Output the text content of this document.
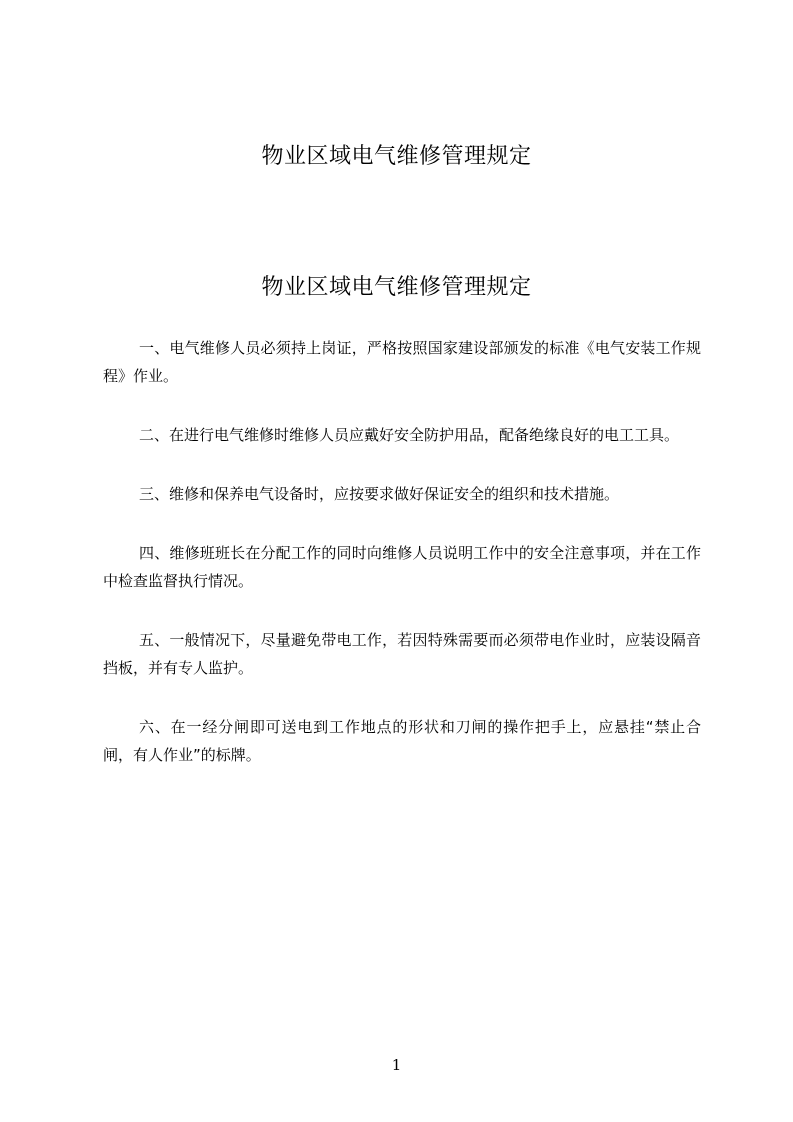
物业区域电气维修管理规定
物业区域电气维修管理规定

一、电气维修人员必须持上岗证，严格按照国家建设部颁发的标准《电气安装工作规程》作业。

二、在进行电气维修时维修人员应戴好安全防护用品，配备绝缘良好的电工工具。

三、维修和保养电气设备时，应按要求做好保证安全的组织和技术措施。

四、维修班班长在分配工作的同时向维修人员说明工作中的安全注意事项，并在工作中检查监督执行情况。

五、一般情况下，尽量避免带电工作，若因特殊需要而必须带电作业时，应装设隔音挡板，并有专人监护。

六、在一经分闸即可送电到工作地点的形状和刀闸的操作把手上，应悬挂“禁止合闸，有人作业”的标牌。

1
